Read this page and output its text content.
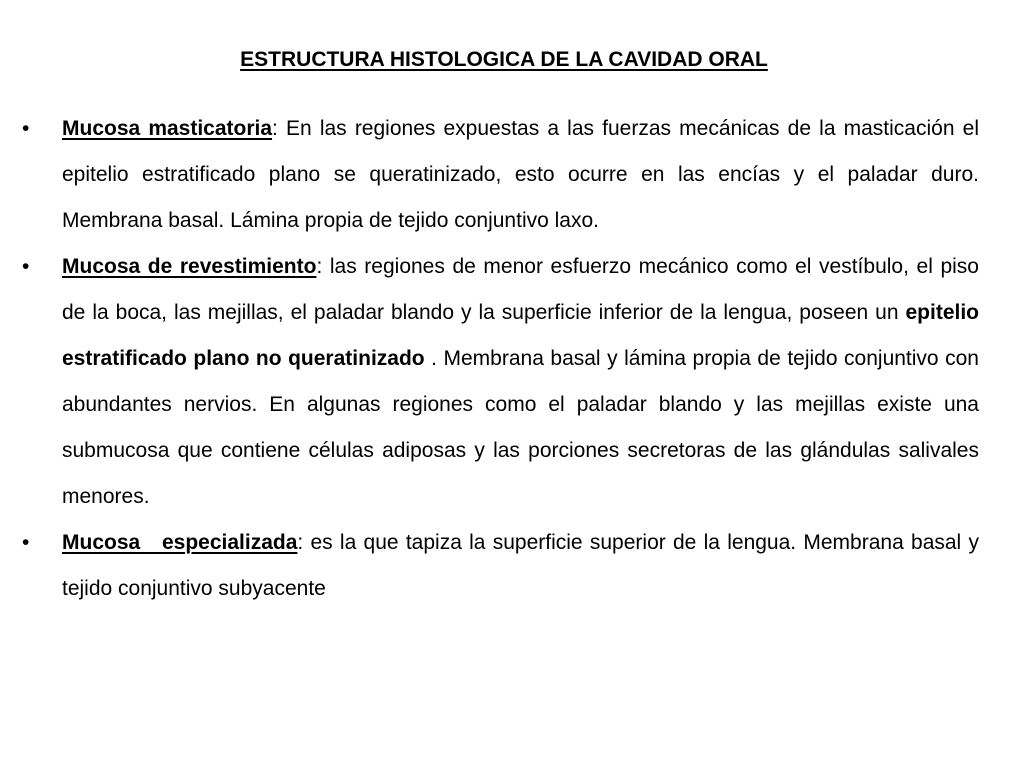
ESTRUCTURA HISTOLOGICA DE LA CAVIDAD ORAL
• Mucosa masticatoria: En las regiones expuestas a las fuerzas mecánicas de la masticación el epitelio estratificado plano se queratinizado, esto ocurre en las encías y el paladar duro. Membrana basal. Lámina propia de tejido conjuntivo laxo.
• Mucosa de revestimiento: las regiones de menor esfuerzo mecánico como el vestíbulo, el piso de la boca, las mejillas, el paladar blando y la superficie inferior de la lengua, poseen un epitelio estratificado plano no queratinizado . Membrana basal y lámina propia de tejido conjuntivo con abundantes nervios. En algunas regiones como el paladar blando y las mejillas existe una submucosa que contiene células adiposas y las porciones secretoras de las glándulas salivales menores.
• Mucosa   especializada: es la que tapiza la superficie superior de la lengua. Membrana basal y tejido conjuntivo subyacente
